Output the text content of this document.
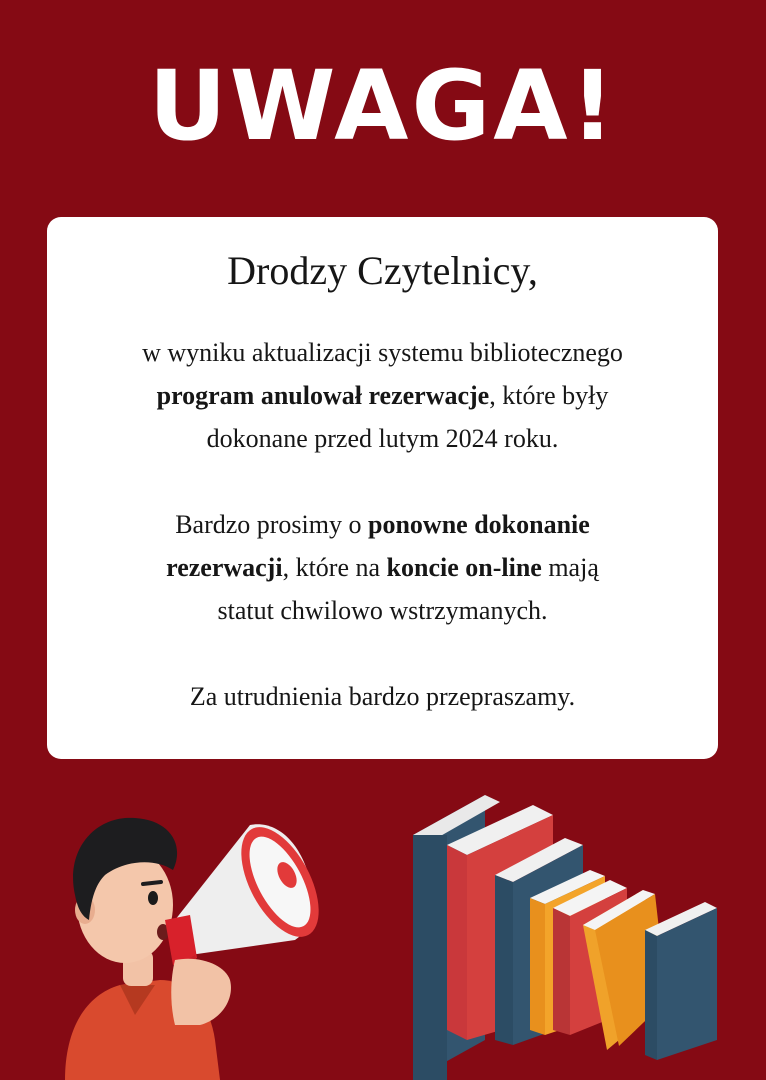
UWAGA!
Drodzy Czytelnicy,
w wyniku aktualizacji systemu bibliotecznego
program anulował rezerwacje, które były
dokonane przed lutym 2024 roku.
Bardzo prosimy o ponowne dokonanie
rezerwacji, które na koncie on-line mają
statut chwilowo wstrzymanych.
Za utrudnienia bardzo przepraszamy.
